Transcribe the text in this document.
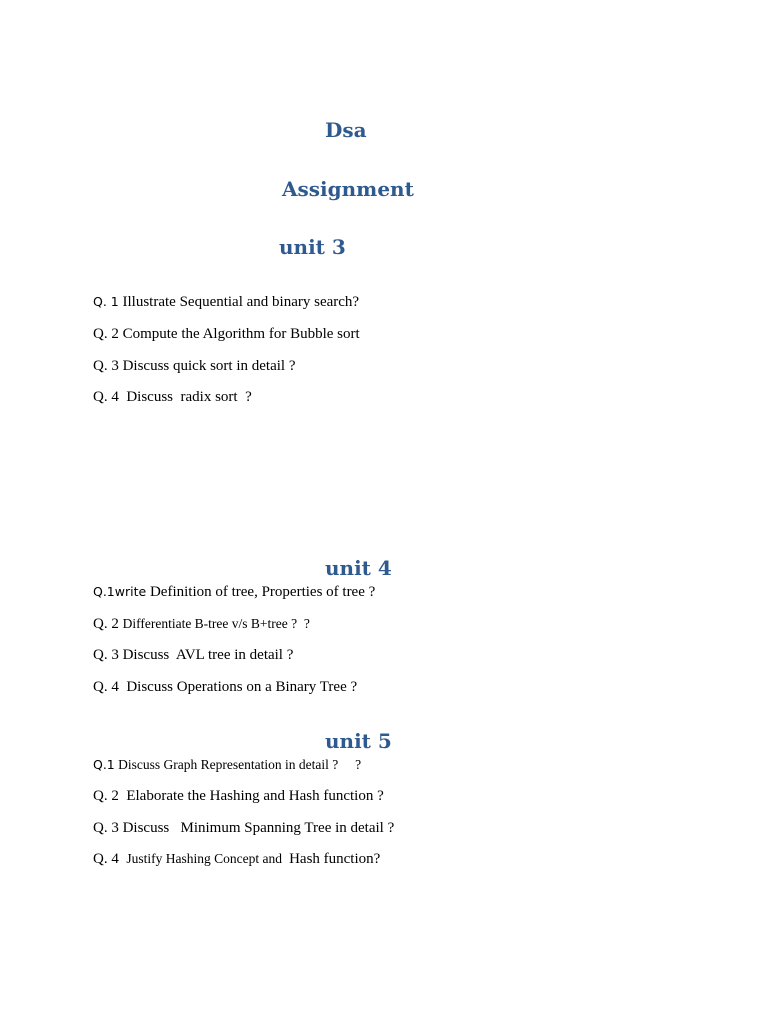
Dsa
Assignment
unit 3
Q. 1 Illustrate Sequential and binary search?
Q. 2 Compute the Algorithm for Bubble sort
Q. 3 Discuss quick sort in detail ?
Q. 4  Discuss  radix sort  ?
unit 4
Q.1write Definition of tree, Properties of tree ?
Q. 2 Differentiate B-tree v/s B+tree ?  ?
Q. 3 Discuss  AVL tree in detail ?
Q. 4  Discuss Operations on a Binary Tree ?
unit 5
Q.1 Discuss Graph Representation in detail ?     ?
Q. 2  Elaborate the Hashing and Hash function ?
Q. 3 Discuss   Minimum Spanning Tree in detail ?
Q. 4  Justify Hashing Concept and  Hash function?
